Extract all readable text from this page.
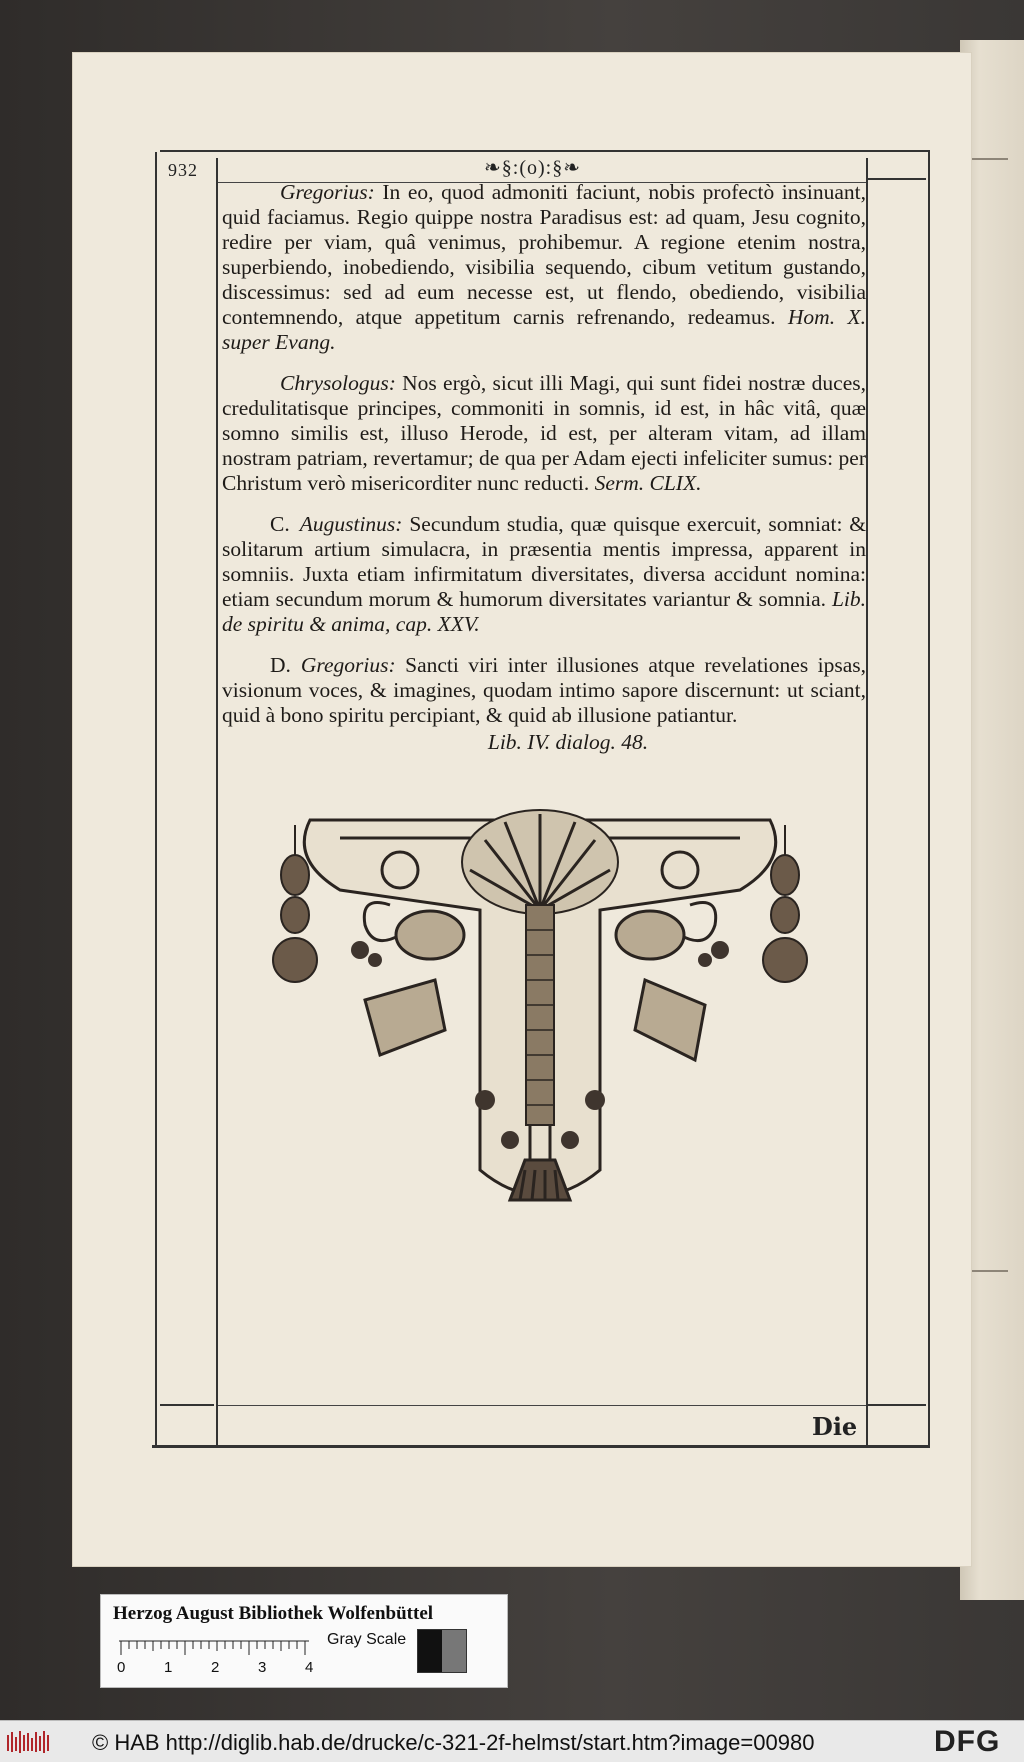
932	❧§:(o):§❧

Gregorius: In eo, quod admoniti faciunt, nobis profectò insinuant, quid faciamus. Regio quippe nostra Paradisus est: ad quam, Jesu cognito, redire per viam, quâ venimus, prohibemur. A regione etenim nostra, superbiendo, inobediendo, visibilia sequendo, cibum vetitum gustando, discessimus: sed ad eum necesse est, ut flendo, obediendo, visibilia contemnendo, atque appetitum carnis refrenando, redeamus. Hom. X. super Evang.

Chrysologus: Nos ergò, sicut illi Magi, qui sunt fidei nostræ duces, credulitatisque principes, commoniti in somnis, id est, in hâc vitâ, quæ somno similis est, illuso Herode, id est, per alteram vitam, ad illam nostram patriam, revertamur; de qua per Adam ejecti infeliciter sumus: per Christum verò misericorditer nunc reducti. Serm. CLIX.

C. Augustinus: Secundum studia, quæ quisque exercuit, somniat: & solitarum artium simulacra, in præsentia mentis impressa, apparent in somniis. Juxta etiam infirmitatum diversitates, diversa accidunt nomina: etiam secundum morum & humorum diversitates variantur & somnia. Lib. de spiritu & anima, cap. XXV.

D. Gregorius: Sancti viri inter illusiones atque revelationes ipsas, visionum voces, & imagines, quodam intimo sapore discernunt: ut sciant, quid à bono spiritu percipiant, & quid ab illusione patiantur.
Lib. IV. dialog. 48.

Die
Herzog August Bibliothek Wolfenbüttel
0	1	2	3	4
Gray Scale
© HAB http://diglib.hab.de/drucke/c-321-2f-helmst/start.htm?image=00980	DFG
